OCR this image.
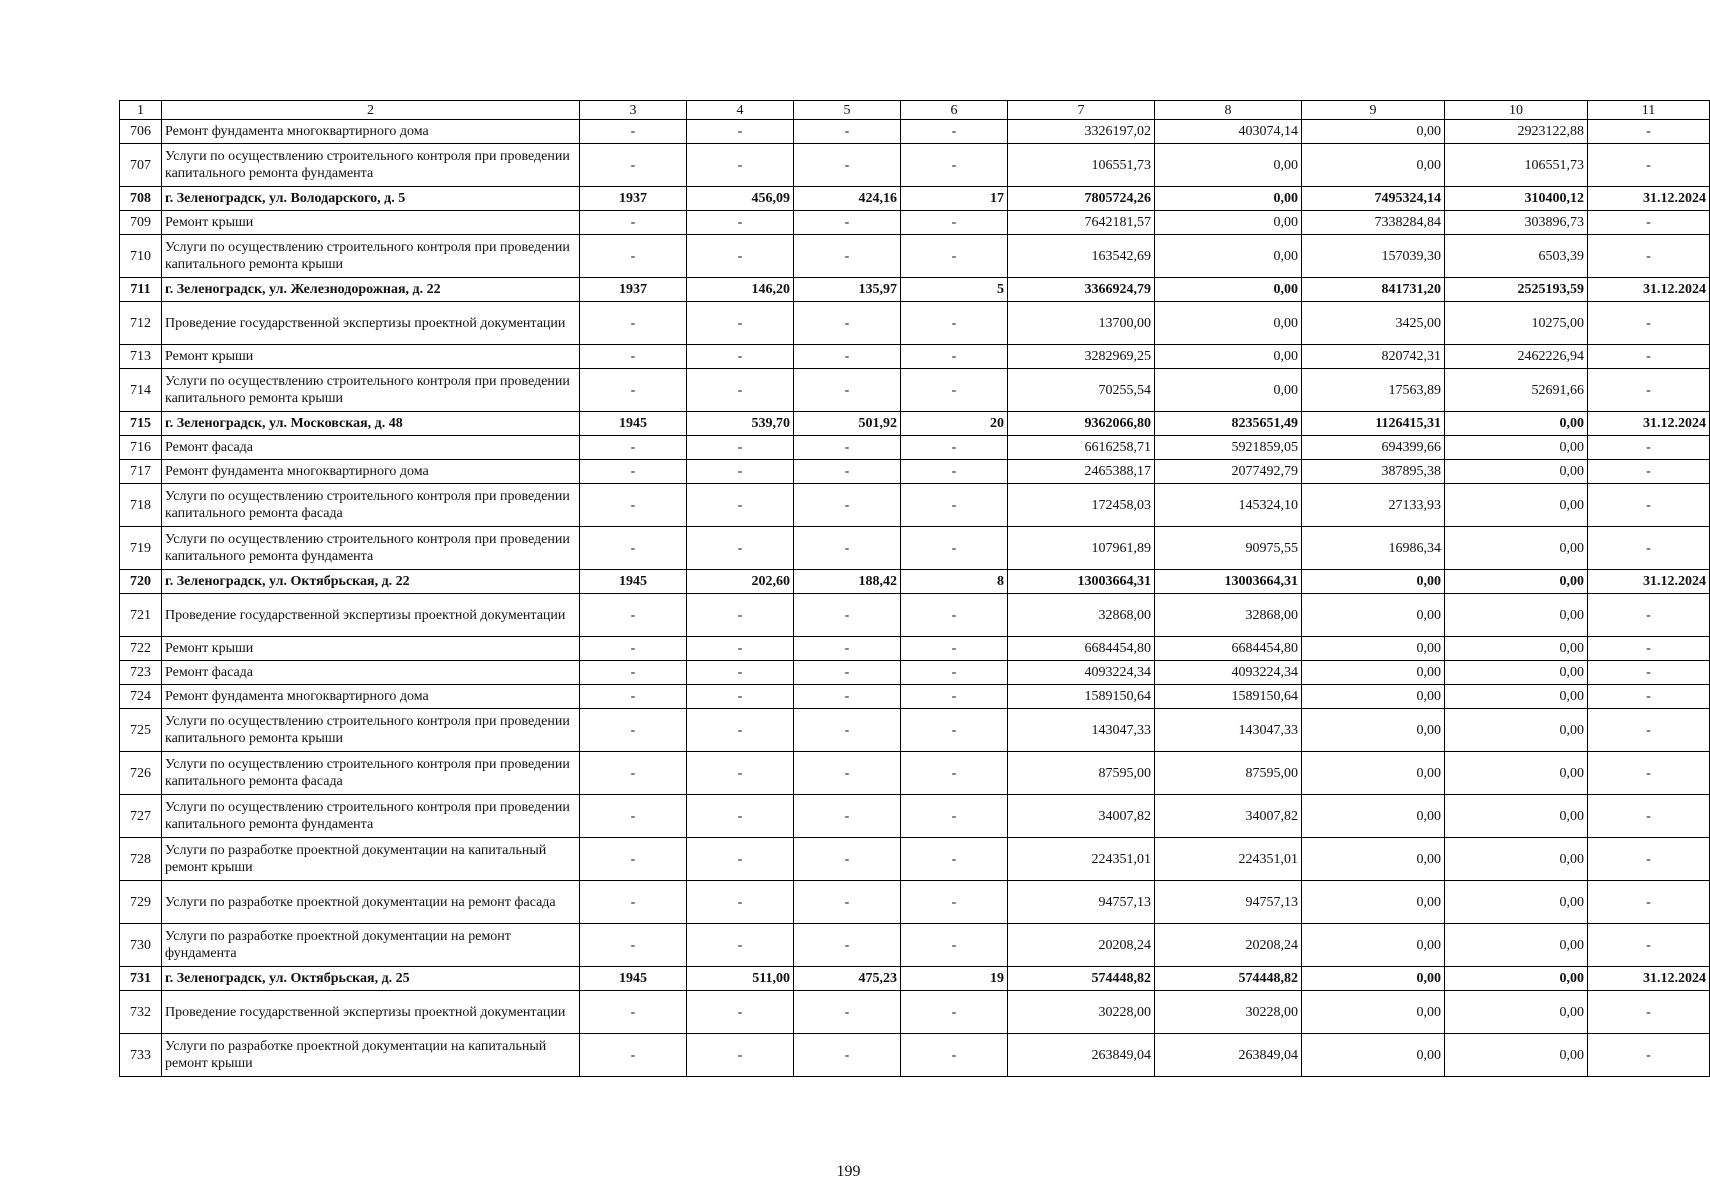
1	2	3	4	5	6	7	8	9	10	11
706	Ремонт фундамента многоквартирного дома	-	-	-	-	3326197,02	403074,14	0,00	2923122,88	-
707	Услуги по осуществлению строительного контроля при проведении капитального ремонта фундамента	-	-	-	-	106551,73	0,00	0,00	106551,73	-
708	г. Зеленоградск, ул. Володарского, д. 5	1937	456,09	424,16	17	7805724,26	0,00	7495324,14	310400,12	31.12.2024
709	Ремонт крыши	-	-	-	-	7642181,57	0,00	7338284,84	303896,73	-
710	Услуги по осуществлению строительного контроля при проведении капитального ремонта крыши	-	-	-	-	163542,69	0,00	157039,30	6503,39	-
711	г. Зеленоградск, ул. Железнодорожная, д. 22	1937	146,20	135,97	5	3366924,79	0,00	841731,20	2525193,59	31.12.2024
712	Проведение государственной экспертизы проектной документации	-	-	-	-	13700,00	0,00	3425,00	10275,00	-
713	Ремонт крыши	-	-	-	-	3282969,25	0,00	820742,31	2462226,94	-
714	Услуги по осуществлению строительного контроля при проведении капитального ремонта крыши	-	-	-	-	70255,54	0,00	17563,89	52691,66	-
715	г. Зеленоградск, ул. Московская, д. 48	1945	539,70	501,92	20	9362066,80	8235651,49	1126415,31	0,00	31.12.2024
716	Ремонт фасада	-	-	-	-	6616258,71	5921859,05	694399,66	0,00	-
717	Ремонт фундамента многоквартирного дома	-	-	-	-	2465388,17	2077492,79	387895,38	0,00	-
718	Услуги по осуществлению строительного контроля при проведении капитального ремонта фасада	-	-	-	-	172458,03	145324,10	27133,93	0,00	-
719	Услуги по осуществлению строительного контроля при проведении капитального ремонта фундамента	-	-	-	-	107961,89	90975,55	16986,34	0,00	-
720	г. Зеленоградск, ул. Октябрьская, д. 22	1945	202,60	188,42	8	13003664,31	13003664,31	0,00	0,00	31.12.2024
721	Проведение государственной экспертизы проектной документации	-	-	-	-	32868,00	32868,00	0,00	0,00	-
722	Ремонт крыши	-	-	-	-	6684454,80	6684454,80	0,00	0,00	-
723	Ремонт фасада	-	-	-	-	4093224,34	4093224,34	0,00	0,00	-
724	Ремонт фундамента многоквартирного дома	-	-	-	-	1589150,64	1589150,64	0,00	0,00	-
725	Услуги по осуществлению строительного контроля при проведении капитального ремонта крыши	-	-	-	-	143047,33	143047,33	0,00	0,00	-
726	Услуги по осуществлению строительного контроля при проведении капитального ремонта фасада	-	-	-	-	87595,00	87595,00	0,00	0,00	-
727	Услуги по осуществлению строительного контроля при проведении капитального ремонта фундамента	-	-	-	-	34007,82	34007,82	0,00	0,00	-
728	Услуги по разработке проектной документации на капитальный ремонт крыши	-	-	-	-	224351,01	224351,01	0,00	0,00	-
729	Услуги по разработке проектной документации на ремонт фасада	-	-	-	-	94757,13	94757,13	0,00	0,00	-
730	Услуги по разработке проектной документации на ремонт фундамента	-	-	-	-	20208,24	20208,24	0,00	0,00	-
731	г. Зеленоградск, ул. Октябрьская, д. 25	1945	511,00	475,23	19	574448,82	574448,82	0,00	0,00	31.12.2024
732	Проведение государственной экспертизы проектной документации	-	-	-	-	30228,00	30228,00	0,00	0,00	-
733	Услуги по разработке проектной документации на капитальный ремонт крыши	-	-	-	-	263849,04	263849,04	0,00	0,00	-
199
